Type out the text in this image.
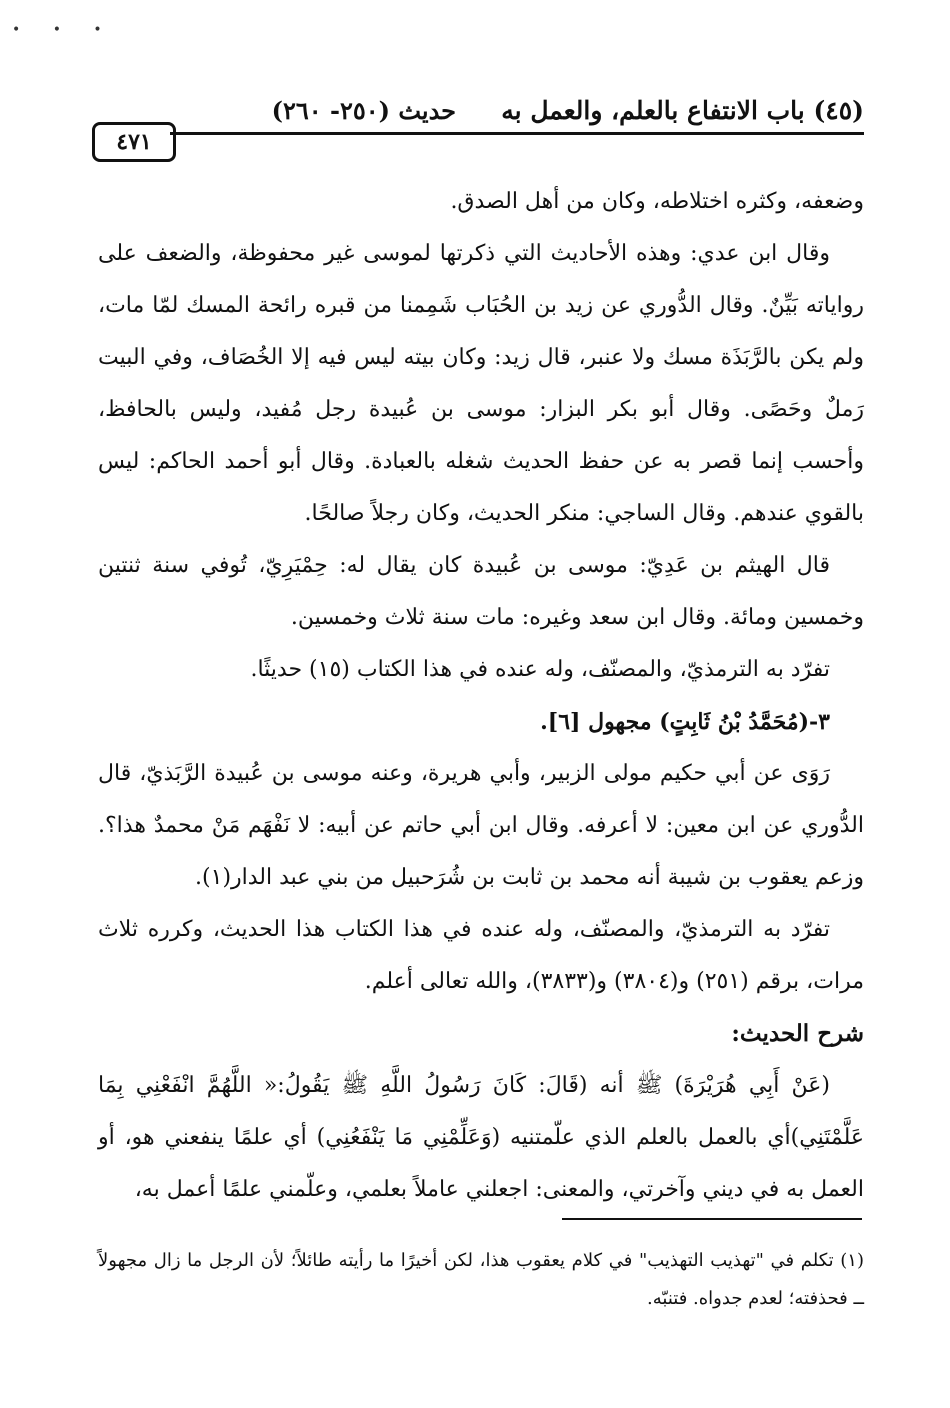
• • •
(٤٥) باب الانتفاع بالعلم، والعمل به
حديث (٢٥٠- ٢٦٠)
٤٧١

وضعفه، وكثره اختلاطه، وكان من أهل الصدق.

وقال ابن عدي: وهذه الأحاديث التي ذكرتها لموسى غير محفوظة، والضعف على رواياته بَيِّنٌ. وقال الدُّوري عن زيد بن الحُبَاب شَمِمنا من قبره رائحة المسك لمّا مات، ولم يكن بالرَّبَذَة مسك ولا عنبر، قال زيد: وكان بيته ليس فيه إلا الخُصَاف، وفي البيت رَملٌ وحَصًى. وقال أبو بكر البزار: موسى بن عُبيدة رجل مُفيد، وليس بالحافظ، وأحسب إنما قصر به عن حفظ الحديث شغله بالعبادة. وقال أبو أحمد الحاكم: ليس بالقوي عندهم. وقال الساجي: منكر الحديث، وكان رجلاً صالحًا.

قال الهيثم بن عَدِيّ: موسى بن عُبيدة كان يقال له: حِمْيَرِيّ، تُوفي سنة ثنتين وخمسين ومائة. وقال ابن سعد وغيره: مات سنة ثلاث وخمسين.

تفرّد به الترمذيّ، والمصنّف، وله عنده في هذا الكتاب (١٥) حديثًا.

٣-(مُحَمَّدُ بْنُ ثَابِتٍ) مجهول [٦].

رَوَى عن أبي حكيم مولى الزبير، وأبي هريرة، وعنه موسى بن عُبيدة الرَّبَذيّ، قال الدُّوري عن ابن معين: لا أعرفه. وقال ابن أبي حاتم عن أبيه: لا نَفْهَم مَنْ محمدٌ هذا؟. وزعم يعقوب بن شيبة أنه محمد بن ثابت بن شُرَحبيل من بني عبد الدار(١).

تفرّد به الترمذيّ، والمصنّف، وله عنده في هذا الكتاب هذا الحديث، وكرره ثلاث مرات، برقم (٢٥١) و(٣٨٠٤) و(٣٨٣٣)، والله تعالى أعلم.

شرح الحديث:

(عَنْ أَبِي هُرَيْرَةَ) ﷺ أنه (قَالَ: كَانَ رَسُولُ اللَّهِ ﷺ يَقُولُ:« اللَّهُمَّ انْفَعْنِي بِمَا عَلَّمْتَنِي)أي بالعمل بالعلم الذي علّمتنيه (وَعَلِّمْنِي مَا يَنْفَعُنِي) أي علمًا ينفعني هو، أو العمل به في ديني وآخرتي، والمعنى: اجعلني عاملاً بعلمي، وعلّمني علمًا أعمل به،

(١) تكلم في "تهذيب التهذيب" في كلام يعقوب هذا، لكن أخيرًا ما رأيته طائلاً؛ لأن الرجل ما زال مجهولاً ــ فحذفته؛ لعدم جدواه. فتنبّه.
